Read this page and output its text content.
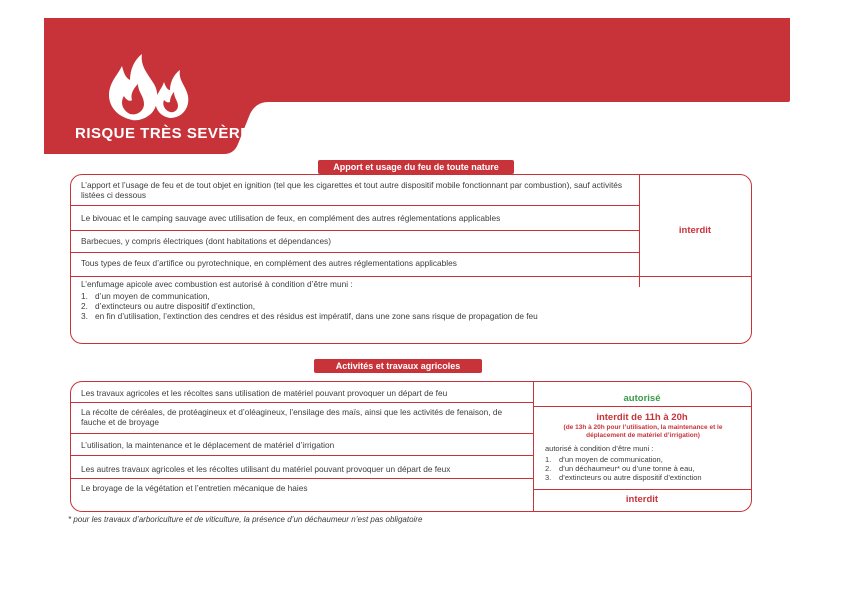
RISQUE TRÈS SEVÈRE
Apport et usage du feu de toute nature
L’apport et l’usage de feu et de tout objet en ignition (tel que les cigarettes et tout autre dispositif mobile fonctionnant par combustion), sauf activités listées ci dessous
Le bivouac et le camping sauvage avec utilisation de feux, en complément des autres réglementations applicables
Barbecues, y compris électriques (dont habitations et dépendances)
Tous types de feux d’artifice ou pyrotechnique, en complément des autres réglementations applicables
interdit
L’enfumage apicole avec combustion est autorisé à condition d’être muni :
1. d’un moyen de communication,
2. d’extincteurs ou autre dispositif d’extinction,
3. en fin d’utilisation, l’extinction des cendres et des résidus est impératif, dans une zone sans risque de propagation de feu
Activités et travaux agricoles
Les travaux agricoles et les récoltes sans utilisation de matériel pouvant provoquer un départ de feu
La récolte de céréales, de protéagineux et d’oléagineux, l’ensilage des maïs, ainsi que les activités de fenaison, de fauche et de broyage
L’utilisation, la maintenance et le déplacement de matériel d’irrigation
Les autres travaux agricoles et les récoltes utilisant du matériel pouvant provoquer un départ de feux
Le broyage de la végétation et l’entretien mécanique de haies
autorisé
interdit de 11h à 20h
(de 13h à 20h pour l’utilisation, la maintenance et le déplacement de matériel d’irrigation)
autorisé à condition d’être muni :
1. d’un moyen de communication,
2. d’un déchaumeur* ou d’une tonne à eau,
3. d’extincteurs ou autre dispositif d’extinction
interdit
* pour les travaux d’arboriculture et de viticulture, la présence d’un déchaumeur n’est pas obligatoire
